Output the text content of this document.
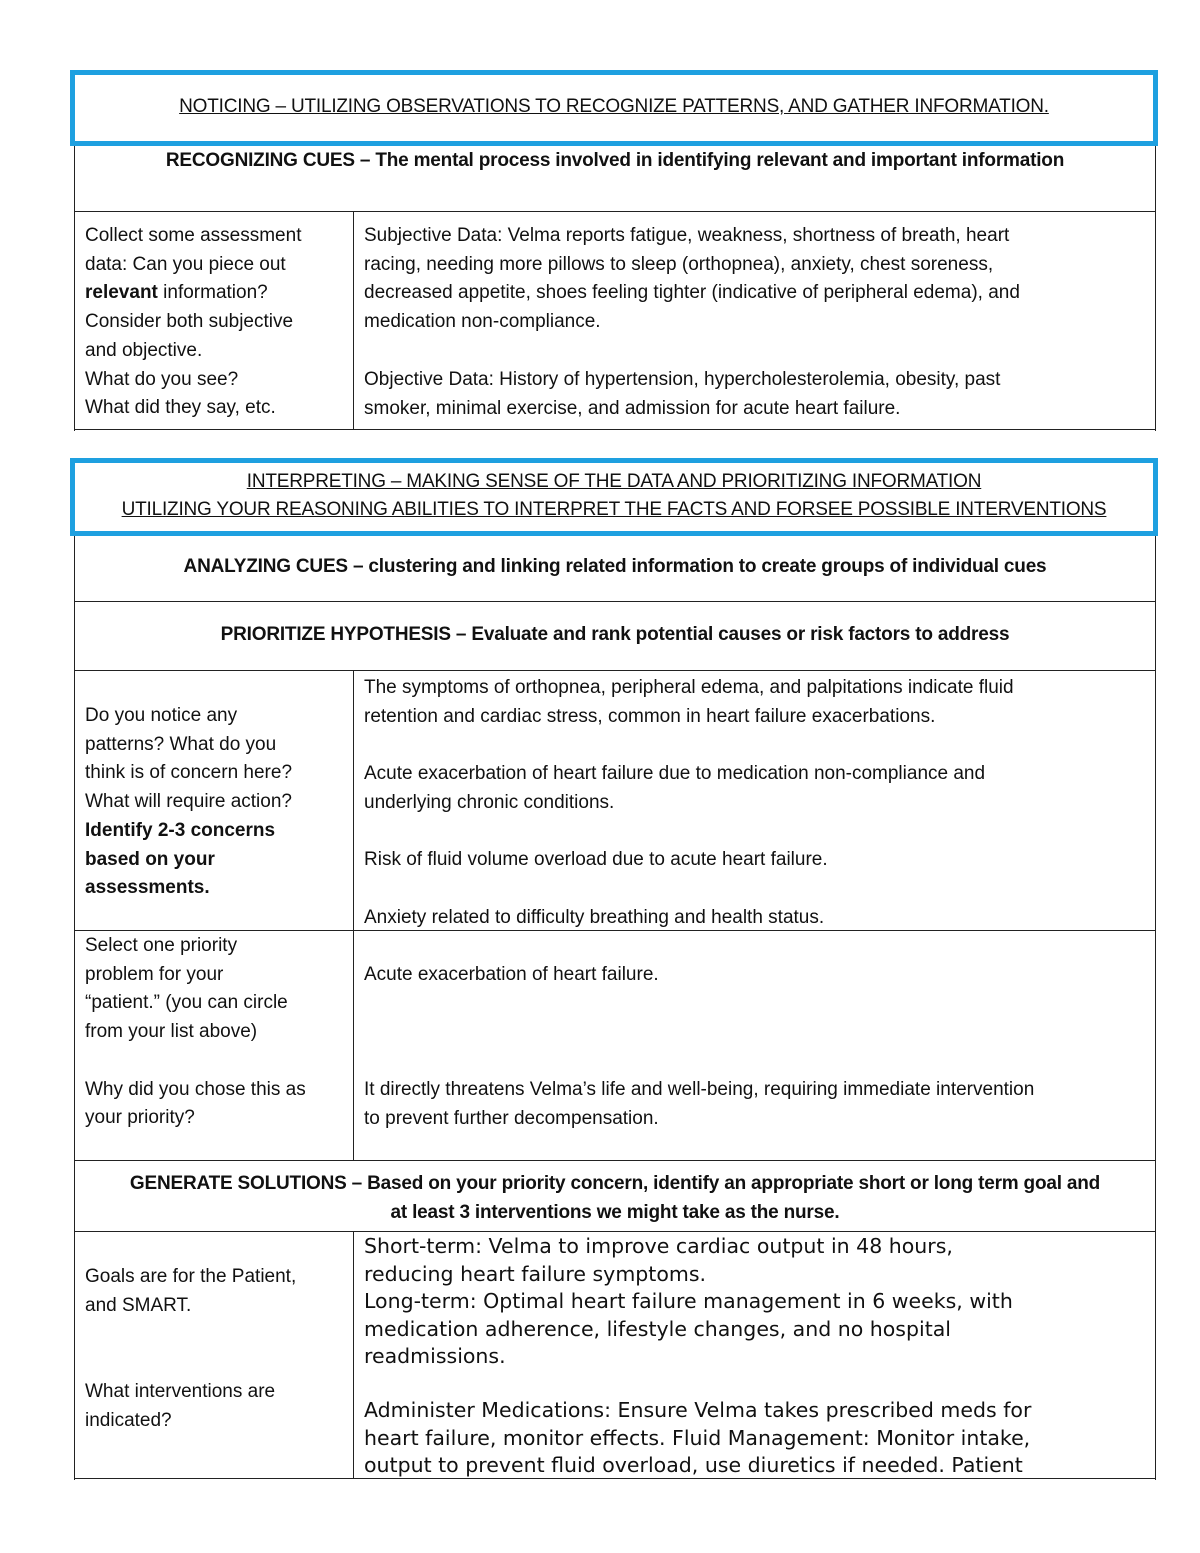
NOTICING – UTILIZING OBSERVATIONS TO RECOGNIZE PATTERNS, AND GATHER INFORMATION.
RECOGNIZING CUES – The mental process involved in identifying relevant and important information

Collect some assessment

data: Can you piece out

relevant information?

Consider both subjective

and objective.

What do you see?

What did they say, etc.

Subjective Data: Velma reports fatigue, weakness, shortness of breath, heart

racing, needing more pillows to sleep (orthopnea), anxiety, chest soreness,

decreased appetite, shoes feeling tighter (indicative of peripheral edema), and

medication non-compliance.

Objective Data: History of hypertension, hypercholesterolemia, obesity, past

smoker, minimal exercise, and admission for acute heart failure.

INTERPRETING – MAKING SENSE OF THE DATA AND PRIORITIZING INFORMATION
UTILIZING YOUR REASONING ABILITIES TO INTERPRET THE FACTS AND FORSEE POSSIBLE INTERVENTIONS
ANALYZING CUES – clustering and linking related information to create groups of individual cues
PRIORITIZE HYPOTHESIS – Evaluate and rank potential causes or risk factors to address

Do you notice any

patterns? What do you

think is of concern here?

What will require action?

Identify 2-3 concerns

based on your

assessments.

The symptoms of orthopnea, peripheral edema, and palpitations indicate fluid

retention and cardiac stress, common in heart failure exacerbations.

Acute exacerbation of heart failure due to medication non-compliance and

underlying chronic conditions.

Risk of fluid volume overload due to acute heart failure.

Anxiety related to difficulty breathing and health status.

Select one priority

problem for your

“patient.” (you can circle

from your list above)

Why did you chose this as

your priority?

Acute exacerbation of heart failure.

It directly threatens Velma’s life and well-being, requiring immediate intervention

to prevent further decompensation.

GENERATE SOLUTIONS – Based on your priority concern, identify an appropriate short or long term goal and
at least 3 interventions we might take as the nurse.

Goals are for the Patient,

and SMART.

What interventions are

indicated?

Short-term: Velma to improve cardiac output in 48 hours,

reducing heart failure symptoms.

Long-term: Optimal heart failure management in 6 weeks, with

medication adherence, lifestyle changes, and no hospital

readmissions.

Administer Medications: Ensure Velma takes prescribed meds for

heart failure, monitor effects. Fluid Management: Monitor intake,

output to prevent fluid overload, use diuretics if needed. Patient
